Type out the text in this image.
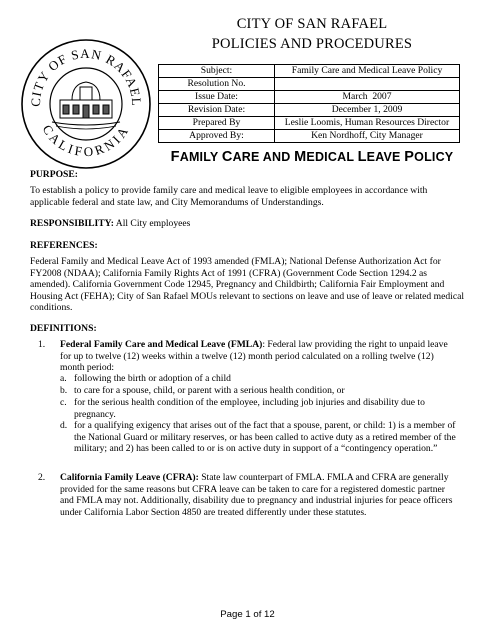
CITY OF SAN RAFAEL
CALIFORNIA
CITY OF SAN RAFAEL
POLICIES AND PROCEDURES
Subject:	Family Care and Medical Leave Policy
Resolution No.	
Issue Date:	March  2007
Revision Date:	December 1, 2009
Prepared By	Leslie Loomis, Human Resources Director
Approved By:	Ken Nordhoff, City Manager
FAMILY CARE AND MEDICAL LEAVE POLICY
PURPOSE:
To establish a policy to provide family care and medical leave to eligible employees in accordance with applicable federal and state law, and City Memorandums of Understandings.
RESPONSIBILITY: All City employees
REFERENCES:
Federal Family and Medical Leave Act of 1993 amended (FMLA); National Defense Authorization Act for FY2008 (NDAA); California Family Rights Act of 1991 (CFRA) (Government Code Section 1294.2 as amended). California Government Code 12945, Pregnancy and Childbirth; California Fair Employment and Housing Act (FEHA); City of San Rafael MOUs relevant to sections on leave and use of leave or related medical conditions.
DEFINITIONS:
1.	Federal Family Care and Medical Leave (FMLA): Federal law providing the right to unpaid leave for up to twelve (12) weeks within a twelve (12) month period calculated on a rolling twelve (12) month period:
a. following the birth or adoption of a child
b. to care for a spouse, child, or parent with a serious health condition, or
c. for the serious health condition of the employee, including job injuries and disability due to pregnancy.
d. for a qualifying exigency that arises out of the fact that a spouse, parent, or child: 1) is a member of the National Guard or military reserves, or has been called to active duty as a retired member of the military; and 2) has been called to or is on active duty in support of a “contingency operation.”
2.	California Family Leave (CFRA): State law counterpart of FMLA. FMLA and CFRA are generally provided for the same reasons but CFRA leave can be taken to care for a registered domestic partner and FMLA may not. Additionally, disability due to pregnancy and industrial injuries for peace officers under California Labor Section 4850 are treated differently under these statutes.
Page 1 of 12
